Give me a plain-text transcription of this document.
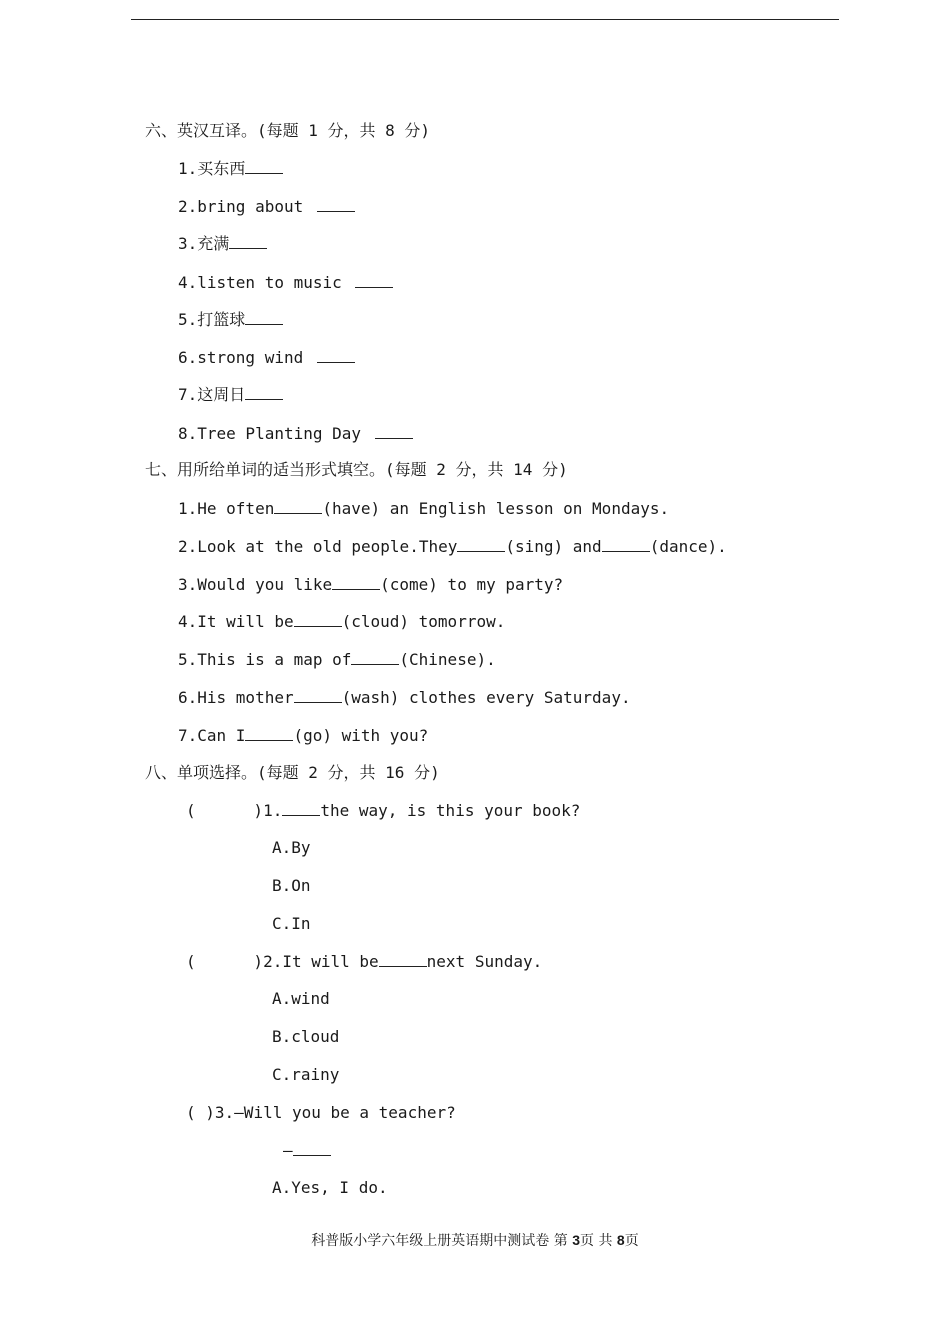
六、英汉互译。(每题 1 分，共 8 分)
1.买东西
2.bring about
3.充满
4.listen to music
5.打篮球
6.strong wind
7.这周日
8.Tree Planting Day
七、用所给单词的适当形式填空。(每题 2 分，共 14 分)
1.He often	(have) an English lesson on Mondays.
2.Look at the old people.They	(sing) and	(dance).
3.Would you like	(come) to my party?
4.It will be	(cloud) tomorrow.
5.This is a map of	(Chinese).
6.His mother	(wash) clothes every Saturday.
7.Can I	(go) with you?
八、单项选择。(每题 2 分，共 16 分)
(      )1. the way, is this your book?
A.By
B.On
C.In
(      )2.It will be	next Sunday.
A.wind
B.cloud
C.rainy
( )3.—Will you be a teacher?
—
A.Yes, I do.
科普版小学六年级上册英语期中测试卷 第 3页 共 8页
